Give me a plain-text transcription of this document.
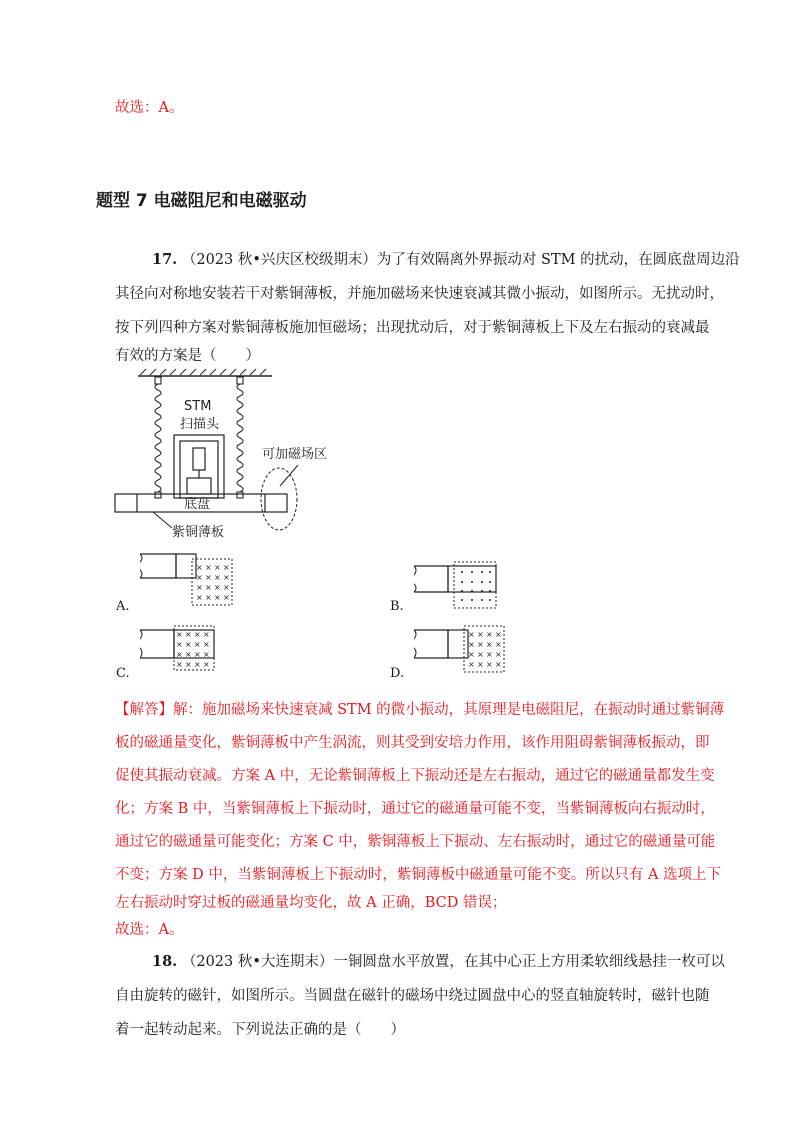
故选：A。
题型 7 电磁阻尼和电磁驱动
17. （2023 秋•兴庆区校级期末）为了有效隔离外界振动对 STM 的扰动，在圆底盘周边沿
其径向对称地安装若干对紫铜薄板，并施加磁场来快速衰减其微小振动，如图所示。无扰动时，
按下列四种方案对紫铜薄板施加恒磁场；出现扰动后，对于紫铜薄板上下及左右振动的衰减最
有效的方案是（　　）
STM
扫描头
底盘
可加磁场区
紫铜薄板
× × × ×
× × × ×
× × × ×
× × × ×
A.	B.
× × × ×
× × × ×
× × × ×
× × × ×
C.
× × × ×
× × × ×
× × × ×
× × × ×
D.
【解答】解：施加磁场来快速衰减 STM 的微小振动，其原理是电磁阻尼，在振动时通过紫铜薄
板的磁通量变化，紫铜薄板中产生涡流，则其受到安培力作用，该作用阻碍紫铜薄板振动，即
促使其振动衰减。方案 A 中，无论紫铜薄板上下振动还是左右振动，通过它的磁通量都发生变
化；方案 B 中，当紫铜薄板上下振动时，通过它的磁通量可能不变，当紫铜薄板向右振动时，
通过它的磁通量可能变化；方案 C 中，紫铜薄板上下振动、左右振动时，通过它的磁通量可能
不变；方案 D 中，当紫铜薄板上下振动时，紫铜薄板中磁通量可能不变。所以只有 A 选项上下
左右振动时穿过板的磁通量均变化，故 A 正确，BCD 错误；
故选：A。
18. （2023 秋•大连期末）一铜圆盘水平放置，在其中心正上方用柔软细线悬挂一枚可以
自由旋转的磁针，如图所示。当圆盘在磁针的磁场中绕过圆盘中心的竖直轴旋转时，磁针也随
着一起转动起来。下列说法正确的是（　　）
